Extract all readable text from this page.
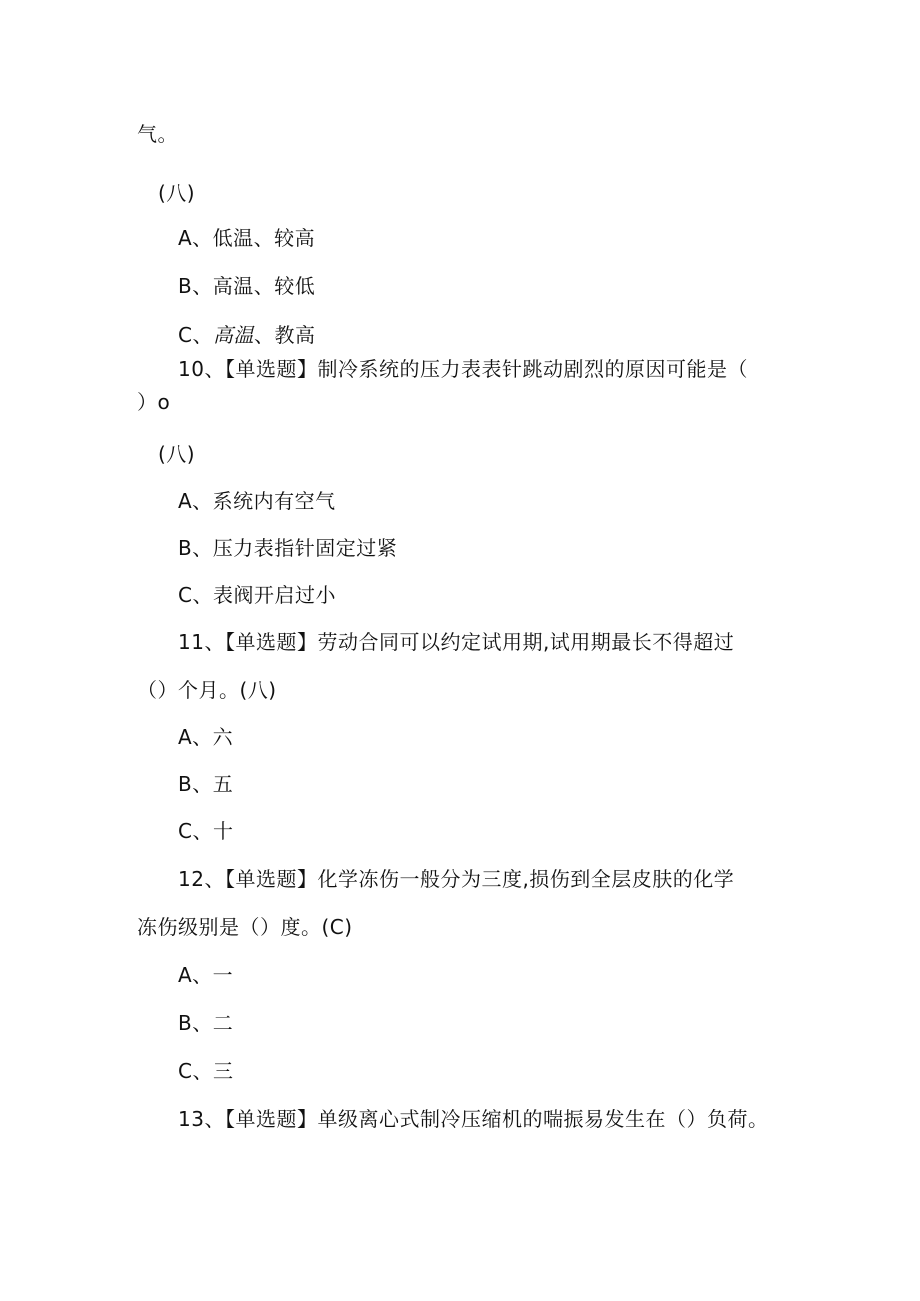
气。
(八)
A、低温、较高
B、高温、较低
C、高温、教高
10、【单选题】制冷系统的压力表表针跳动剧烈的原因可能是（
）o
(八)
A、系统内有空气
B、压力表指针固定过紧
C、表阀开启过小
11、【单选题】劳动合同可以约定试用期,试用期最长不得超过
（）个月。(八)
A、六
B、五
C、十
12、【单选题】化学冻伤一般分为三度,损伤到全层皮肤的化学
冻伤级别是（）度。(C)
A、一
B、二
C、三
13、【单选题】单级离心式制冷压缩机的喘振易发生在（）负荷。
